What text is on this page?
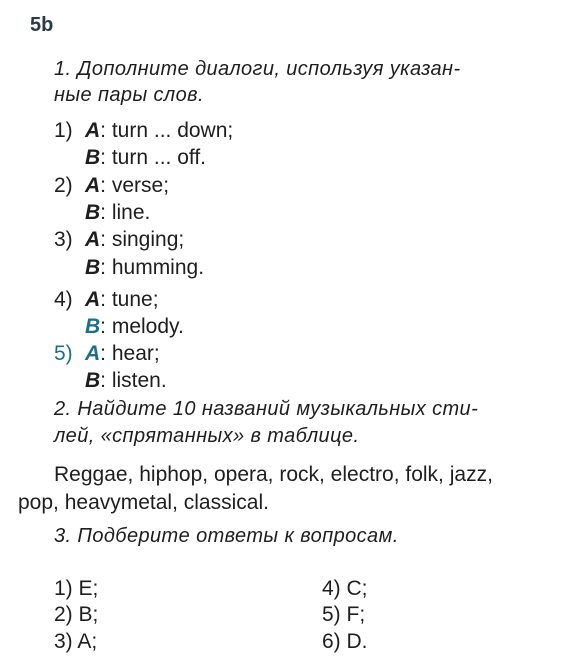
5b
1. Дополните диалоги, используя указан-
ные пары слов.
1) A: turn ... down;
B: turn ... off.
2) A: verse;
B: line.
3) A: singing;
B: humming.
4) A: tune;
B: melody.
5) A: hear;
B: listen.
2. Найдите 10 названий музыкальных сти-
лей, «спрятанных» в таблице.
Reggae, hiphop, opera, rock, electro, folk, jazz,
pop, heavymetal, classical.
3. Подберите ответы к вопросам.
1) E;
2) B;
3) A;
4) C;
5) F;
6) D.
